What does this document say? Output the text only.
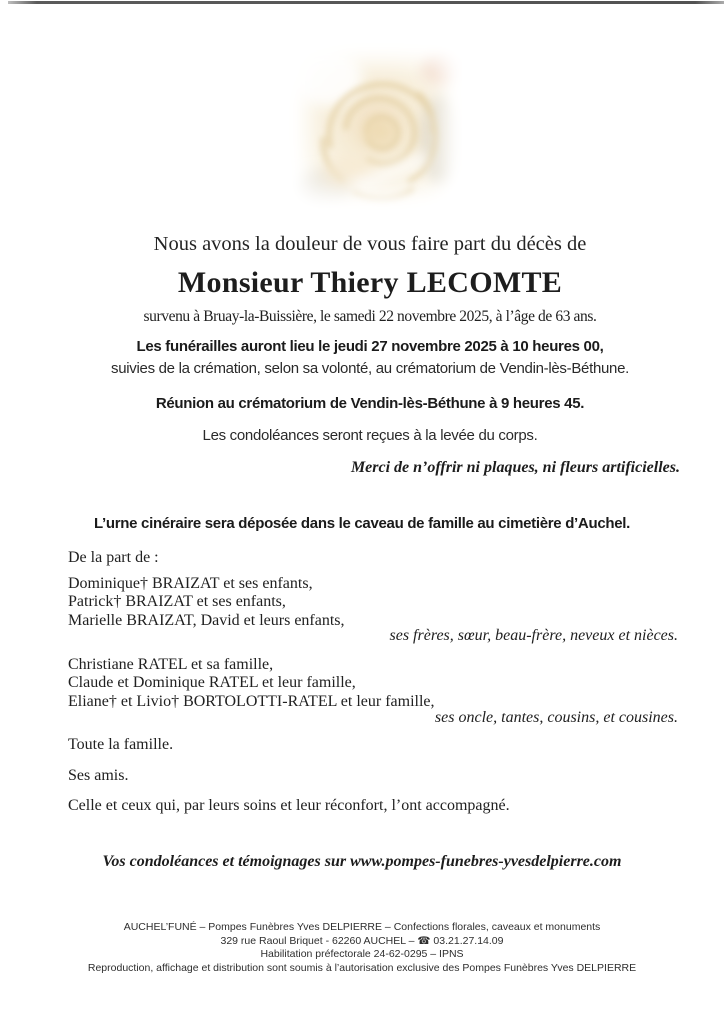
Nous avons la douleur de vous faire part du décès de

Monsieur Thiery LECOMTE

survenu à Bruay-la-Buissière, le samedi 22 novembre 2025, à l’âge de 63 ans.

Les funérailles auront lieu le jeudi 27 novembre 2025 à 10 heures 00,

suivies de la crémation, selon sa volonté, au crématorium de Vendin-lès-Béthune.

Réunion au crématorium de Vendin-lès-Béthune à 9 heures 45.

Les condoléances seront reçues à la levée du corps.

Merci de n’offrir ni plaques, ni fleurs artificielles.

L’urne cinéraire sera déposée dans le caveau de famille au cimetière d’Auchel.

De la part de :

Dominique† BRAIZAT et ses enfants,

Patrick† BRAIZAT et ses enfants,

Marielle BRAIZAT, David et leurs enfants,

ses frères, sœur, beau-frère, neveux et nièces.

Christiane RATEL et sa famille,

Claude et Dominique RATEL et leur famille,

Eliane† et Livio† BORTOLOTTI-RATEL et leur famille,

ses oncle, tantes, cousins, et cousines.

Toute la famille.

Ses amis.

Celle et ceux qui, par leurs soins et leur réconfort, l’ont accompagné.

Vos condoléances et témoignages sur www.pompes-funebres-yvesdelpierre.com

AUCHEL’FUNÉ – Pompes Funèbres Yves DELPIERRE – Confections florales, caveaux et monuments

329 rue Raoul Briquet - 62260 AUCHEL – ☎ 03.21.27.14.09

Habilitation préfectorale 24-62-0295 – IPNS

Reproduction, affichage et distribution sont soumis à l’autorisation exclusive des Pompes Funèbres Yves DELPIERRE
